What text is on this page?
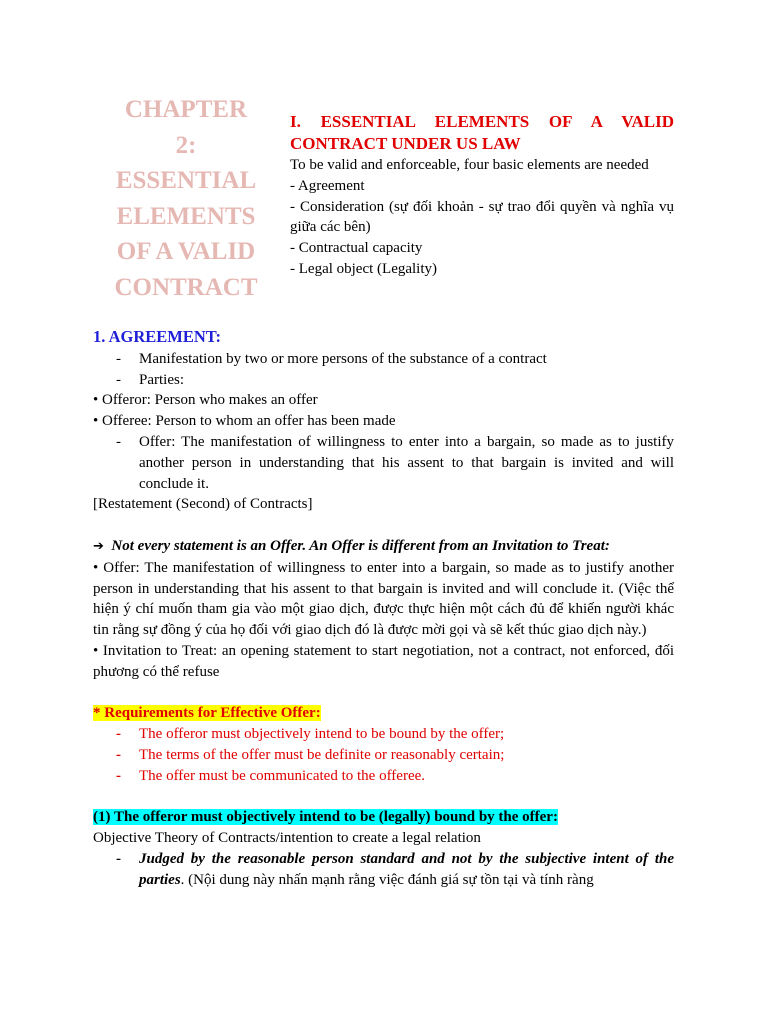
CHAPTER
2:
ESSENTIAL
ELEMENTS
OF A VALID
CONTRACT
I. ESSENTIAL ELEMENTS OF A VALID CONTRACT UNDER US LAW
To be valid and enforceable, four basic elements are needed
- Agreement
- Consideration (sự đối khoản - sự trao đổi quyền và nghĩa vụ giữa các bên)
- Contractual capacity
- Legal object (Legality)
1. AGREEMENT:
- Manifestation by two or more persons of the substance of a contract
- Parties:
• Offeror: Person who makes an offer
• Offeree: Person to whom an offer has been made
- Offer: The manifestation of willingness to enter into a bargain, so made as to justify another person in understanding that his assent to that bargain is invited and will conclude it.
[Restatement (Second) of Contracts]
➔ Not every statement is an Offer. An Offer is different from an Invitation to Treat:
• Offer: The manifestation of willingness to enter into a bargain, so made as to justify another person in understanding that his assent to that bargain is invited and will conclude it. (Việc thể hiện ý chí muốn tham gia vào một giao dịch, được thực hiện một cách đủ để khiến người khác tin rằng sự đồng ý của họ đối với giao dịch đó là được mời gọi và sẽ kết thúc giao dịch này.)
• Invitation to Treat: an opening statement to start negotiation, not a contract, not enforced, đối phương có thể refuse
* Requirements for Effective Offer:
- The offeror must objectively intend to be bound by the offer;
- The terms of the offer must be definite or reasonably certain;
- The offer must be communicated to the offeree.
(1) The offeror must objectively intend to be (legally) bound by the offer:
Objective Theory of Contracts/intention to create a legal relation
- Judged by the reasonable person standard and not by the subjective intent of the parties. (Nội dung này nhấn mạnh rằng việc đánh giá sự tồn tại và tính ràng
